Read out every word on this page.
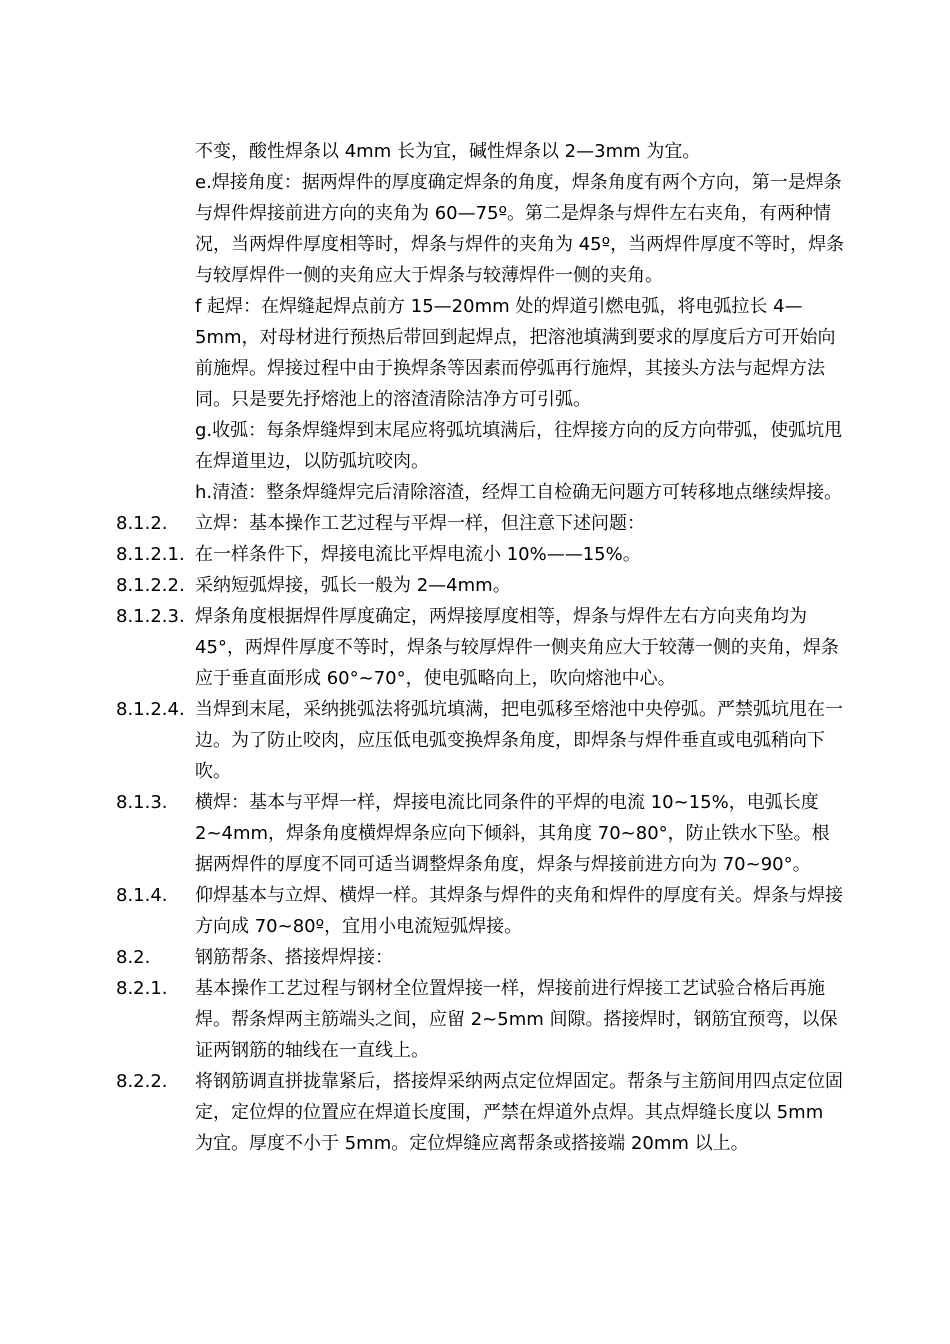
不变，酸性焊条以 4mm 长为宜，碱性焊条以 2—3mm 为宜。
e.焊接角度：据两焊件的厚度确定焊条的角度，焊条角度有两个方向，第一是焊条与焊件焊接前进方向的夹角为 60—75º。第二是焊条与焊件左右夹角，有两种情况，当两焊件厚度相等时，焊条与焊件的夹角为 45º，当两焊件厚度不等时，焊条与较厚焊件一侧的夹角应大于焊条与较薄焊件一侧的夹角。
f 起焊：在焊缝起焊点前方 15—20mm 处的焊道引燃电弧，将电弧拉长 4—5mm，对母材进行预热后带回到起焊点，把溶池填满到要求的厚度后方可开始向前施焊。焊接过程中由于换焊条等因素而停弧再行施焊，其接头方法与起焊方法同。只是要先抒熔池上的溶渣清除洁净方可引弧。
g.收弧：每条焊缝焊到末尾应将弧坑填满后，往焊接方向的反方向带弧，使弧坑甩在焊道里边，以防弧坑咬肉。
h.清渣：整条焊缝焊完后清除溶渣，经焊工自检确无问题方可转移地点继续焊接。
8.1.2.	立焊：基本操作工艺过程与平焊一样，但注意下述问题：
8.1.2.1. 在一样条件下，焊接电流比平焊电流小 10%——15%。
8.1.2.2. 采纳短弧焊接，弧长一般为 2—4mm。
8.1.2.3. 焊条角度根据焊件厚度确定，两焊接厚度相等，焊条与焊件左右方向夹角均为 45°，两焊件厚度不等时，焊条与较厚焊件一侧夹角应大于较薄一侧的夹角，焊条应于垂直面形成 60°~70°，使电弧略向上，吹向熔池中心。
8.1.2.4. 当焊到末尾，采纳挑弧法将弧坑填满，把电弧移至熔池中央停弧。严禁弧坑甩在一边。为了防止咬肉，应压低电弧变换焊条角度，即焊条与焊件垂直或电弧稍向下吹。
8.1.3.	横焊：基本与平焊一样，焊接电流比同条件的平焊的电流 10~15%，电弧长度 2~4mm，焊条角度横焊焊条应向下倾斜，其角度 70~80°，防止铁水下坠。根据两焊件的厚度不同可适当调整焊条角度，焊条与焊接前进方向为 70~90°。
8.1.4.	仰焊基本与立焊、横焊一样。其焊条与焊件的夹角和焊件的厚度有关。焊条与焊接方向成 70~80º，宜用小电流短弧焊接。
8.2.	钢筋帮条、搭接焊焊接：
8.2.1.	基本操作工艺过程与钢材全位置焊接一样，焊接前进行焊接工艺试验合格后再施焊。帮条焊两主筋端头之间，应留 2~5mm 间隙。搭接焊时，钢筋宜预弯，以保证两钢筋的轴线在一直线上。
8.2.2.	将钢筋调直拼拢靠紧后，搭接焊采纳两点定位焊固定。帮条与主筋间用四点定位固定，定位焊的位置应在焊道长度围，严禁在焊道外点焊。其点焊缝长度以 5mm 为宜。厚度不小于 5mm。定位焊缝应离帮条或搭接端 20mm 以上。
